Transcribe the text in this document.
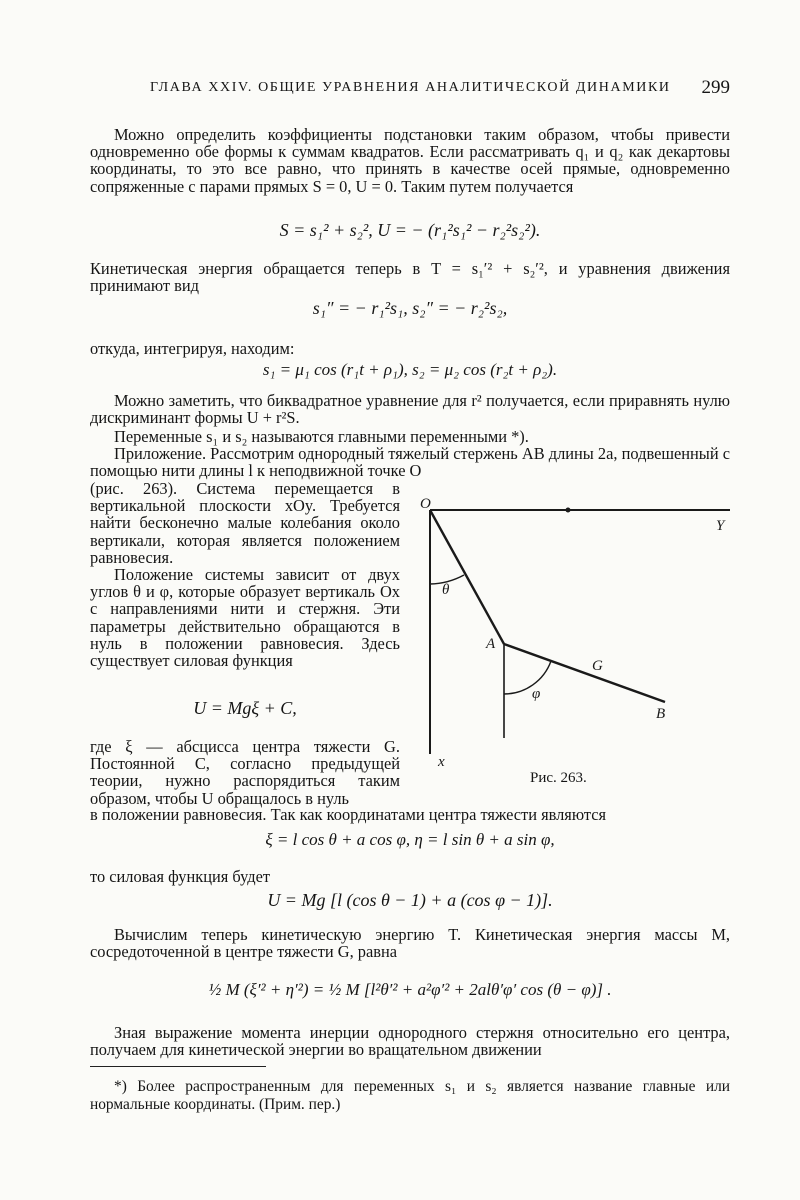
ГЛАВА XXIV. ОБЩИЕ УРАВНЕНИЯ АНАЛИТИЧЕСКОЙ ДИНАМИКИ 299
Можно определить коэффициенты подстановки таким образом, чтобы привести одновременно обе формы к суммам квадратов. Если рассматривать q₁ и q₂ как декартовы координаты, то это все равно, что принять в качестве осей прямые, одновременно сопряженные с парами прямых S = 0, U = 0. Таким путем получается
S = s₁² + s₂², U = − (r₁²s₁² − r₂²s₂²).
Кинетическая энергия обращается теперь в T = s₁′² + s₂′², и уравнения движения принимают вид
s₁″ = − r₁²s₁, s₂″ = − r₂²s₂,
откуда, интегрируя, находим:
s₁ = μ₁ cos (r₁t + ρ₁), s₂ = μ₂ cos (r₂t + ρ₂).
Можно заметить, что биквадратное уравнение для r² получается, если приравнять нулю дискриминант формы U + r²S.
Переменные s₁ и s₂ называются главными переменными *).
Приложение. Рассмотрим однородный тяжелый стержень AB длины 2a, подвешенный с помощью нити длины l к неподвижной точке O
(рис. 263). Система перемещается в вертикальной плоскости xOy. Требуется найти бесконечно малые колебания около вертикали, которая является положением равновесия.
Положение системы зависит от двух углов θ и φ, которые образует вертикаль Ox с направлениями нити и стержня. Эти параметры действительно обращаются в нуль в положении равновесия. Здесь существует силовая функция
U = Mgξ + C,
где ξ — абсцисса центра тяжести G. Постоянной C, согласно предыдущей теории, нужно распорядиться таким образом, чтобы U обращалось в нуль
O
Y
θ
A
G
φ
B
x
Рис. 263.
в положении равновесия. Так как координатами центра тяжести являются
ξ = l cos θ + a cos φ, η = l sin θ + a sin φ,
то силовая функция будет
U = Mg [l (cos θ − 1) + a (cos φ − 1)].
Вычислим теперь кинетическую энергию T. Кинетическая энергия массы M, сосредоточенной в центре тяжести G, равна
½ M (ξ′² + η′²) = ½ M [l²θ′² + a²φ′² + 2alθ′φ′ cos (θ − φ)] .
Зная выражение момента инерции однородного стержня относительно его центра, получаем для кинетической энергии во вращательном движении
*) Более распространенным для переменных s₁ и s₂ является название главные или нормальные координаты. (Прим. пер.)
